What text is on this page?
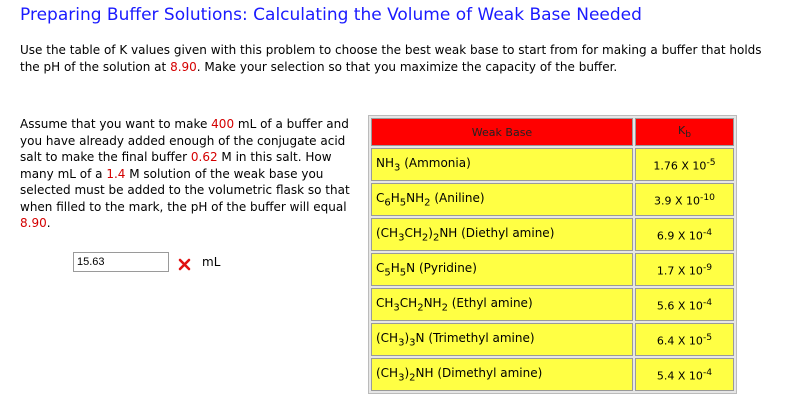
Preparing Buffer Solutions: Calculating the Volume of Weak Base Needed
Use the table of K values given with this problem to choose the best weak base to start from for making a buffer that holds the pH of the solution at 8.90. Make your selection so that you maximize the capacity of the buffer.
Assume that you want to make 400 mL of a buffer and you have already added enough of the conjugate acid salt to make the final buffer 0.62 M in this salt. How many mL of a 1.4 M solution of the weak base you selected must be added to the volumetric flask so that when filled to the mark, the pH of the buffer will equal 8.90.
15.63
mL
Weak Base	$K_b$
$NH_3$ (Ammonia)	1.76 X $10^{-5}$
$C_6H_5NH_2$ (Aniline)	3.9 X $10^{-10}$
$(CH_3CH_2)_2NH$ (Diethyl amine)	6.9 X $10^{-4}$
$C_5H_5N$ (Pyridine)	1.7 X $10^{-9}$
$CH_3CH_2NH_2$ (Ethyl amine)	5.6 X $10^{-4}$
$(CH_3)_3N$ (Trimethyl amine)	6.4 X $10^{-5}$
$(CH_3)_2NH$ (Dimethyl amine)	5.4 X $10^{-4}$
